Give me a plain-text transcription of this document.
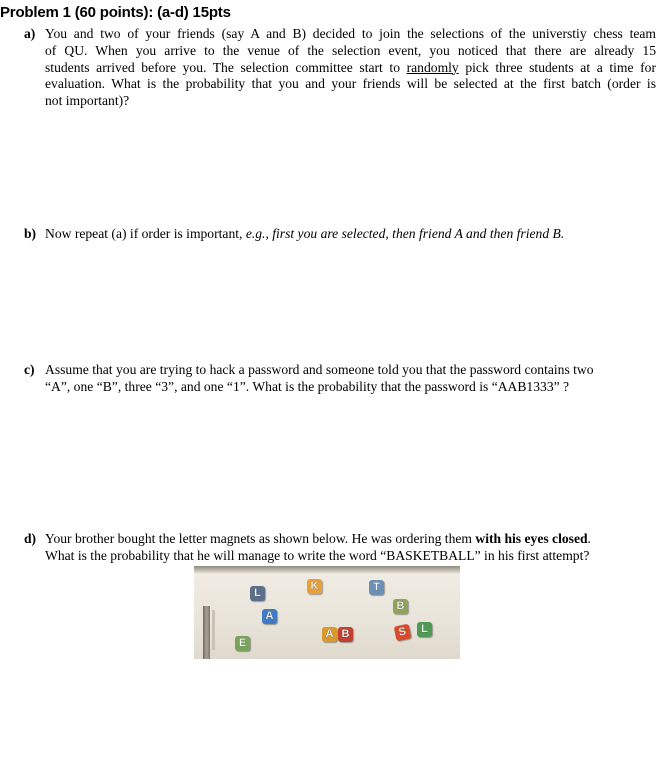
Problem 1 (60 points): (a-d) 15pts
a) You and two of your friends (say A and B) decided to join the selections of the universtiy chess team
of QU. When you arrive to the venue of the selection event, you noticed that there are already 15
students arrived before you. The selection committee start to randomly pick three students at a time for
evaluation. What is the probability that you and your friends will be selected at the first batch (order is
not important)?
b) Now repeat (a) if order is important, e.g., first you are selected, then friend A and then friend B.
c) Assume that you are trying to hack a password and someone told you that the password contains two
“A”, one “B”, three “3”, and one “1”. What is the probability that the password is “AAB1333” ?
d) Your brother bought the letter magnets as shown below. He was ordering them with his eyes closed.
What is the probability that he will manage to write the word “BASKETBALL” in his first attempt?
L
K	T
A
B
A B	S	L
E
